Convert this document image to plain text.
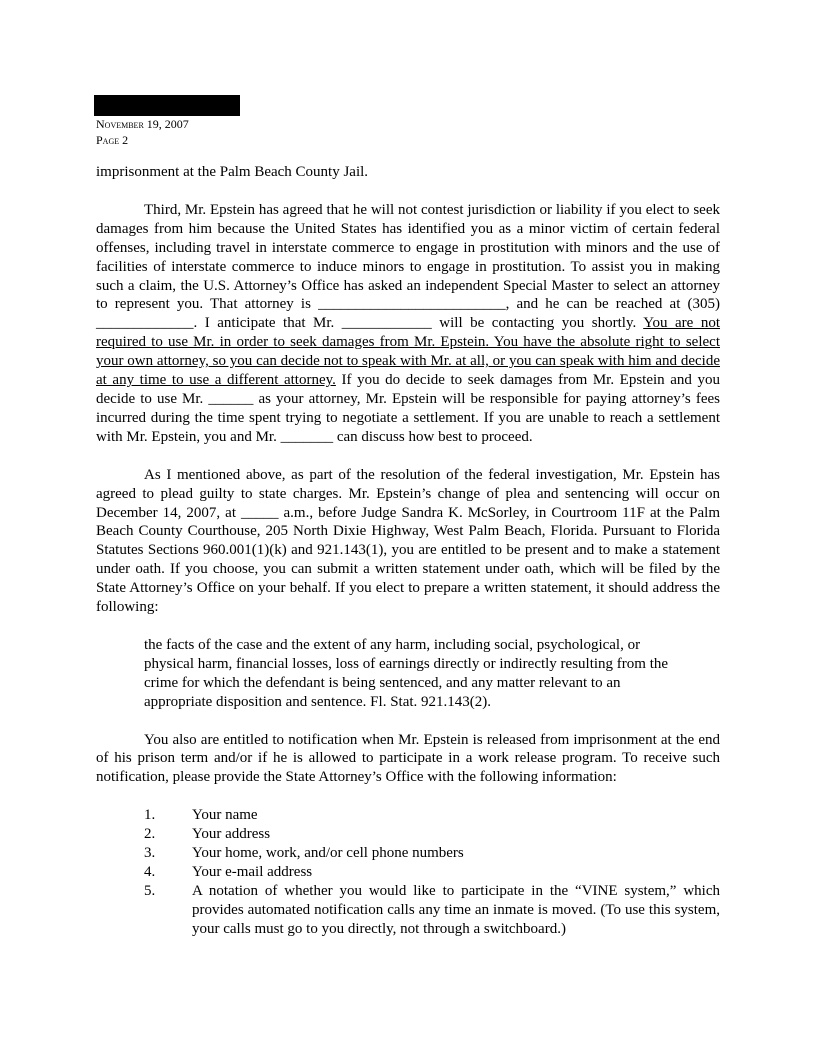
November 19, 2007
Page 2

imprisonment at the Palm Beach County Jail.

Third, Mr. Epstein has agreed that he will not contest jurisdiction or liability if you elect to seek damages from him because the United States has identified you as a minor victim of certain federal offenses, including travel in interstate commerce to engage in prostitution with minors and the use of facilities of interstate commerce to induce minors to engage in prostitution. To assist you in making such a claim, the U.S. Attorney’s Office has asked an independent Special Master to select an attorney to represent you. That attorney is _________________________, and he can be reached at (305) _____________. I anticipate that Mr. ____________ will be contacting you shortly. You are not required to use Mr. in order to seek damages from Mr. Epstein. You have the absolute right to select your own attorney, so you can decide not to speak with Mr. at all, or you can speak with him and decide at any time to use a different attorney. If you do decide to seek damages from Mr. Epstein and you decide to use Mr. ______ as your attorney, Mr. Epstein will be responsible for paying attorney’s fees incurred during the time spent trying to negotiate a settlement. If you are unable to reach a settlement with Mr. Epstein, you and Mr. _______ can discuss how best to proceed.

As I mentioned above, as part of the resolution of the federal investigation, Mr. Epstein has agreed to plead guilty to state charges. Mr. Epstein’s change of plea and sentencing will occur on December 14, 2007, at _____ a.m., before Judge Sandra K. McSorley, in Courtroom 11F at the Palm Beach County Courthouse, 205 North Dixie Highway, West Palm Beach, Florida. Pursuant to Florida Statutes Sections 960.001(1)(k) and 921.143(1), you are entitled to be present and to make a statement under oath. If you choose, you can submit a written statement under oath, which will be filed by the State Attorney’s Office on your behalf. If you elect to prepare a written statement, it should address the following:

the facts of the case and the extent of any harm, including social, psychological, or physical harm, financial losses, loss of earnings directly or indirectly resulting from the crime for which the defendant is being sentenced, and any matter relevant to an appropriate disposition and sentence. Fl. Stat. 921.143(2).

You also are entitled to notification when Mr. Epstein is released from imprisonment at the end of his prison term and/or if he is allowed to participate in a work release program. To receive such notification, please provide the State Attorney’s Office with the following information:

1.	Your name
2.	Your address
3.	Your home, work, and/or cell phone numbers
4.	Your e-mail address
5.	A notation of whether you would like to participate in the “VINE system,” which provides automated notification calls any time an inmate is moved. (To use this system, your calls must go to you directly, not through a switchboard.)
